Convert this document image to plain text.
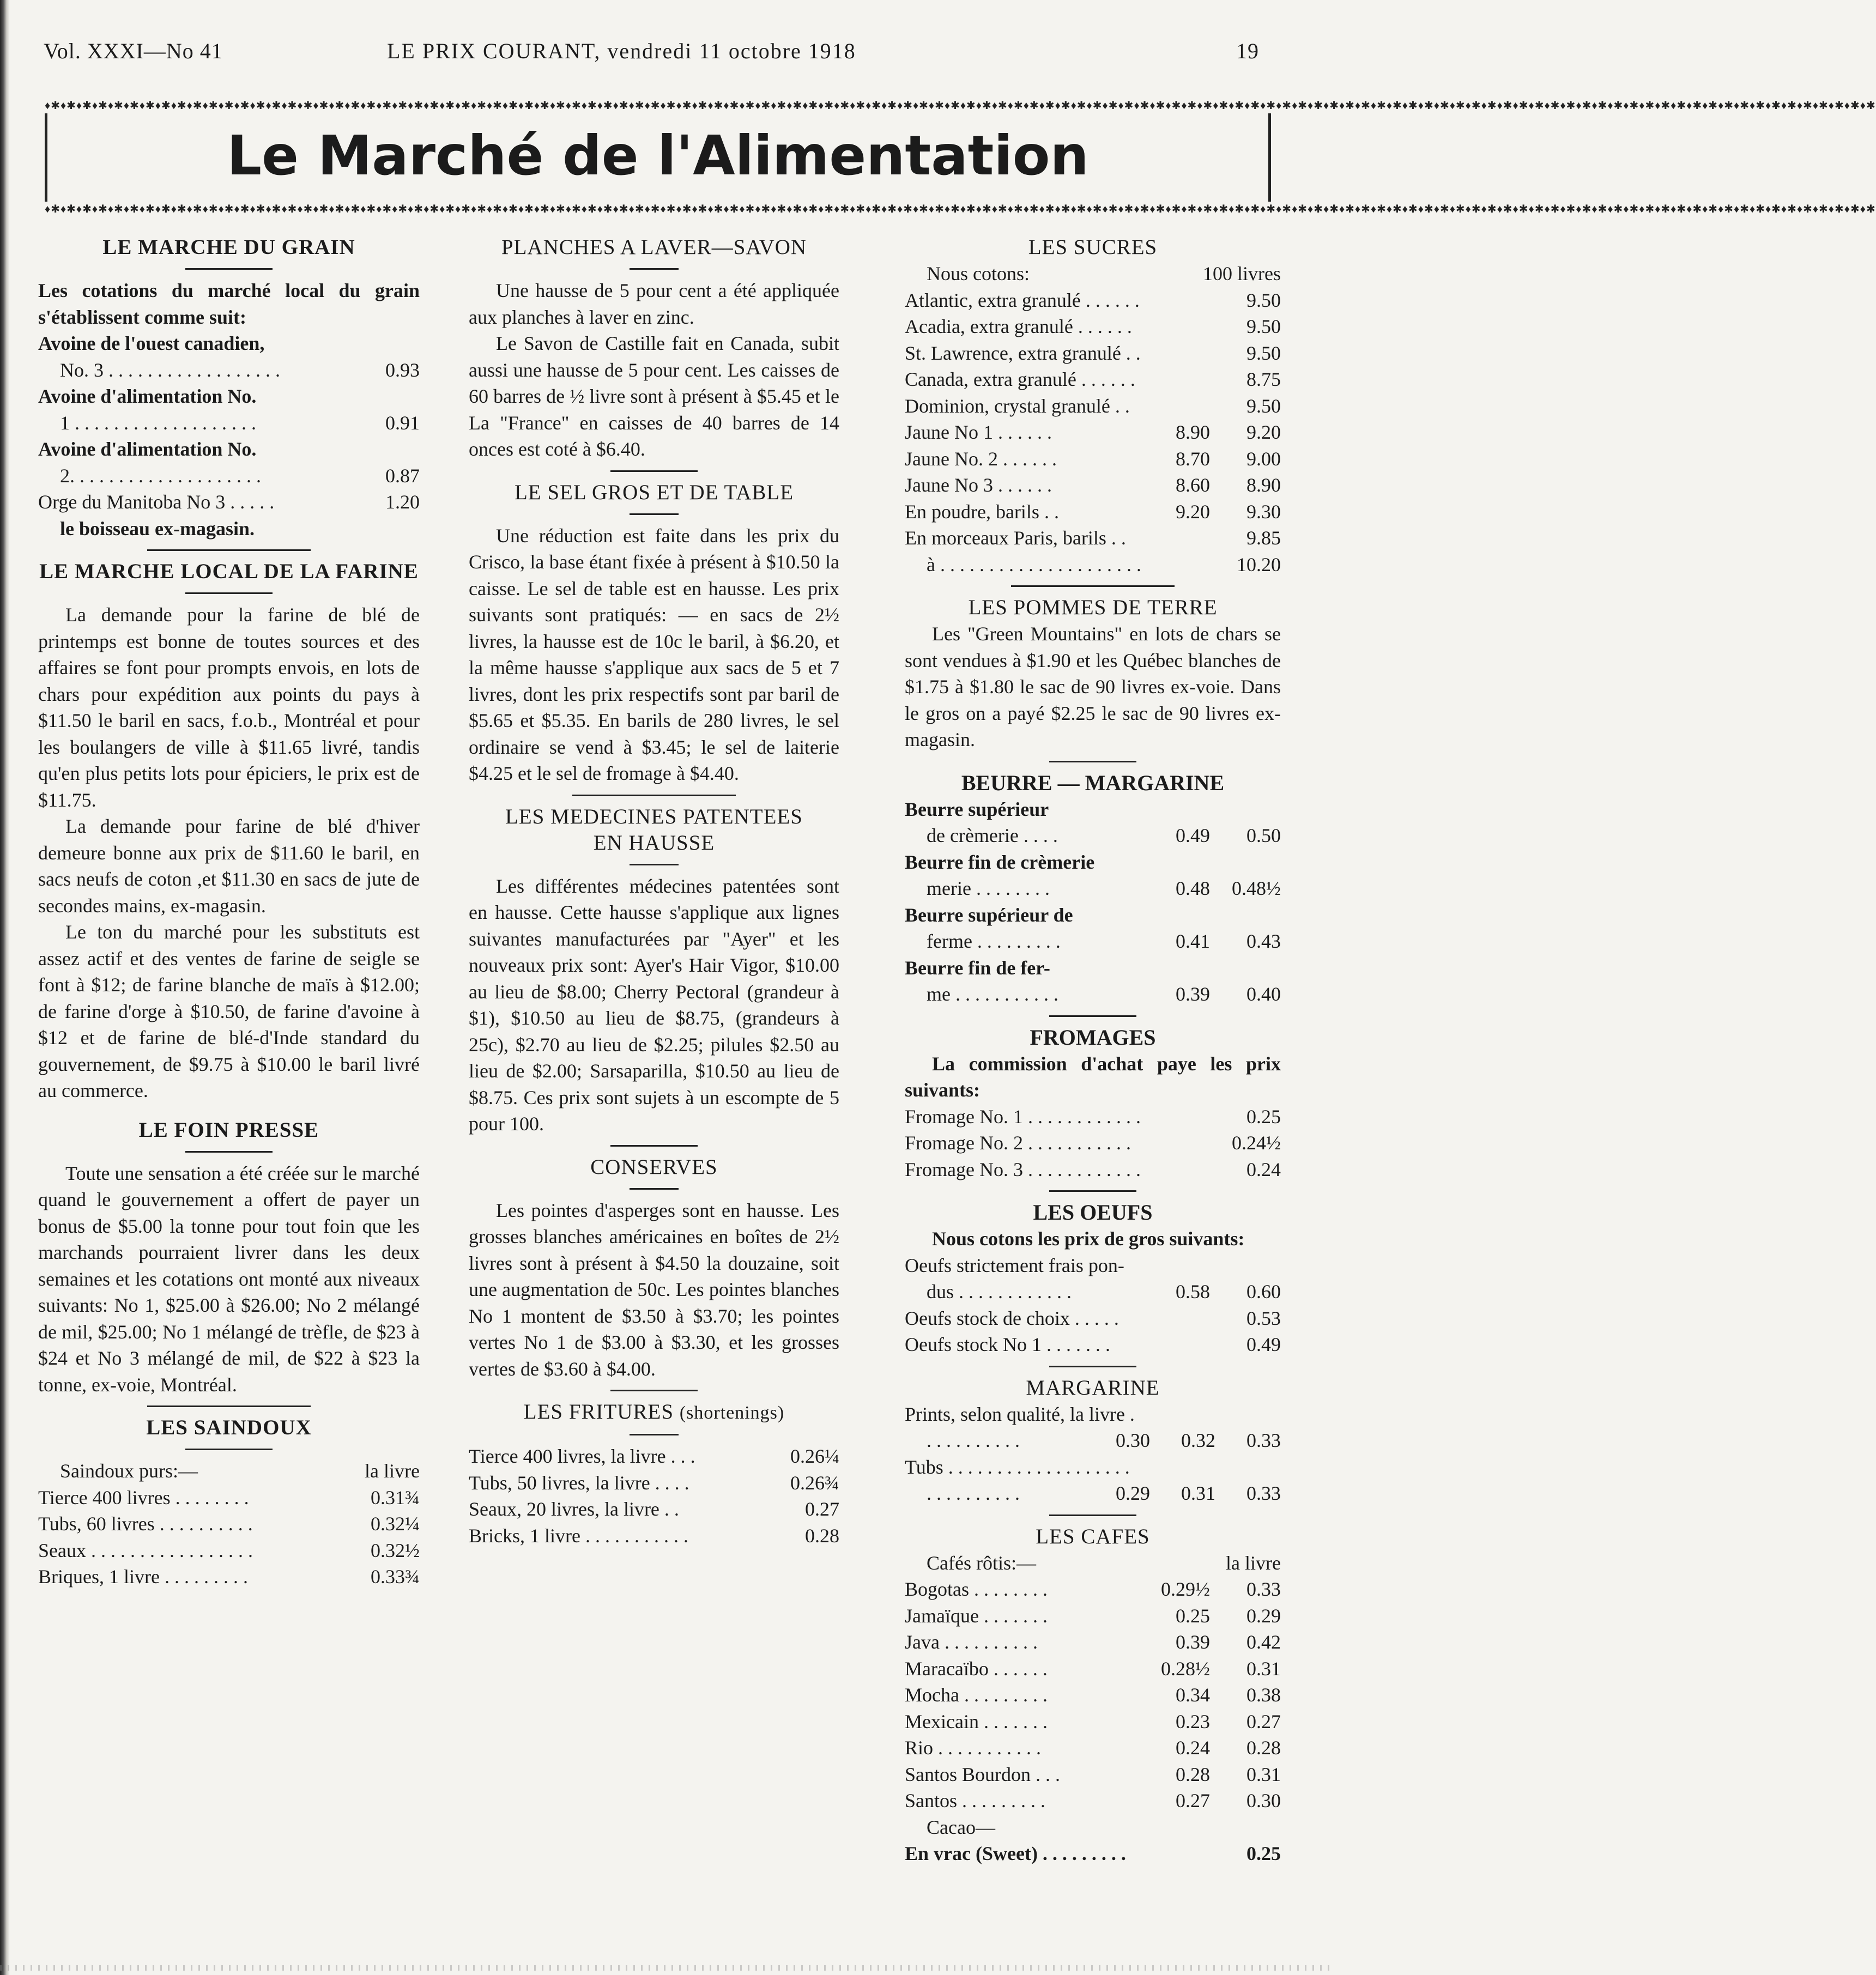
Vol. XXXI—No 41	LE PRIX COURANT, vendredi 11 octobre 1918	19
♦✱♦✱♦✱♦✱♦✱♦✱♦✱♦✱♦✱♦✱♦✱♦✱♦✱♦✱♦✱♦✱♦✱♦✱♦✱♦✱♦✱♦✱♦✱♦✱♦✱♦✱♦✱♦✱♦✱♦✱♦✱♦✱♦✱♦✱♦✱♦✱♦✱♦✱♦✱♦✱♦✱♦✱♦✱♦✱♦✱♦✱♦✱♦✱♦✱♦✱♦✱♦✱♦✱♦✱♦✱♦✱♦✱♦✱♦✱♦✱♦✱♦✱♦✱♦✱♦✱♦✱♦✱♦✱♦✱♦✱♦✱♦✱♦✱♦✱♦✱♦✱♦✱♦✱♦✱♦✱♦✱♦✱♦✱♦✱♦✱♦✱♦✱♦✱♦✱♦✱♦✱♦✱♦✱♦✱♦✱♦✱♦✱♦✱♦✱♦✱♦✱♦✱♦✱♦✱♦✱♦✱♦✱♦✱♦✱♦✱♦✱♦✱♦✱♦✱♦✱♦✱
Le Marché de l'Alimentation
♦✱♦✱♦✱♦✱♦✱♦✱♦✱♦✱♦✱♦✱♦✱♦✱♦✱♦✱♦✱♦✱♦✱♦✱♦✱♦✱♦✱♦✱♦✱♦✱♦✱♦✱♦✱♦✱♦✱♦✱♦✱♦✱♦✱♦✱♦✱♦✱♦✱♦✱♦✱♦✱♦✱♦✱♦✱♦✱♦✱♦✱♦✱♦✱♦✱♦✱♦✱♦✱♦✱♦✱♦✱♦✱♦✱♦✱♦✱♦✱♦✱♦✱♦✱♦✱♦✱♦✱♦✱♦✱♦✱♦✱♦✱♦✱♦✱♦✱♦✱♦✱♦✱♦✱♦✱♦✱♦✱♦✱♦✱♦✱♦✱♦✱♦✱♦✱♦✱♦✱♦✱♦✱♦✱♦✱♦✱♦✱♦✱♦✱♦✱♦✱♦✱♦✱♦✱♦✱♦✱♦✱♦✱♦✱♦✱♦✱♦✱♦✱♦✱♦✱♦✱♦✱
LE MARCHE DU GRAIN

Les cotations du marché local du grain s'établissent comme suit:

Avoine de l'ouest canadien,

No. 3 . . . . . . . . . . . . . . . . . .	0.93

Avoine d'alimentation No.

1 . . . . . . . . . . . . . . . . . . .	0.91

Avoine d'alimentation No.

2. . . . . . . . . . . . . . . . . . . .	0.87
Orge du Manitoba No 3 . . . . .	1.20

le boisseau ex-magasin.

LE MARCHE LOCAL DE LA FARINE

La demande pour la farine de blé de printemps est bonne de toutes sources et des affaires se font pour prompts envois, en lots de chars pour expédition aux points du pays à $11.50 le baril en sacs, f.o.b., Montréal et pour les boulangers de ville à $11.65 livré, tandis qu'en plus petits lots pour épiciers, le prix est de $11.75.

La demande pour farine de blé d'hiver demeure bonne aux prix de $11.60 le baril, en sacs neufs de coton ,et $11.30 en sacs de jute de secondes mains, ex-magasin.

Le ton du marché pour les substituts est assez actif et des ventes de farine de seigle se font à $12; de farine blanche de maïs à $12.00; de farine d'orge à $10.50, de farine d'avoine à $12 et de farine de blé-d'Inde standard du gouvernement, de $9.75 à $10.00 le baril livré au commerce.

LE FOIN PRESSE

Toute une sensation a été créée sur le marché quand le gouvernement a offert de payer un bonus de $5.00 la tonne pour tout foin que les marchands pourraient livrer dans les deux semaines et les cotations ont monté aux niveaux suivants: No 1, $25.00 à $26.00; No 2 mélangé de mil, $25.00; No 1 mélangé de trèfle, de $23 à $24 et No 3 mélangé de mil, de $22 à $23 la tonne, ex-voie, Montréal.

LES SAINDOUX
Saindoux purs:—	la livre
Tierce 400 livres . . . . . . . .	0.31¾
Tubs, 60 livres . . . . . . . . . .	0.32¼
Seaux . . . . . . . . . . . . . . . . .	0.32½
Briques, 1 livre . . . . . . . . .	0.33¾
PLANCHES A LAVER—SAVON

Une hausse de 5 pour cent a été appliquée aux planches à laver en zinc.

Le Savon de Castille fait en Canada, subit aussi une hausse de 5 pour cent. Les caisses de 60 barres de ½ livre sont à présent à $5.45 et le La "France" en caisses de 40 barres de 14 onces est coté à $6.40.

LE SEL GROS ET DE TABLE

Une réduction est faite dans les prix du Crisco, la base étant fixée à présent à $10.50 la caisse. Le sel de table est en hausse. Les prix suivants sont pratiqués: — en sacs de 2½ livres, la hausse est de 10c le baril, à $6.20, et la même hausse s'applique aux sacs de 5 et 7 livres, dont les prix respectifs sont par baril de $5.65 et $5.35. En barils de 280 livres, le sel ordinaire se vend à $3.45; le sel de laiterie $4.25 et le sel de fromage à $4.40.

LES MEDECINES PATENTEES
EN HAUSSE

Les différentes médecines patentées sont en hausse. Cette hausse s'applique aux lignes suivantes manufacturées par "Ayer" et les nouveaux prix sont: Ayer's Hair Vigor, $10.00 au lieu de $8.00; Cherry Pectoral (grandeur à $1), $10.50 au lieu de $8.75, (grandeurs à 25c), $2.70 au lieu de $2.25; pilules $2.50 au lieu de $2.00; Sarsaparilla, $10.50 au lieu de $8.75. Ces prix sont sujets à un escompte de 5 pour 100.

CONSERVES

Les pointes d'asperges sont en hausse. Les grosses blanches américaines en boîtes de 2½ livres sont à présent à $4.50 la douzaine, soit une augmentation de 50c. Les pointes blanches No 1 montent de $3.50 à $3.70; les pointes vertes No 1 de $3.00 à $3.30, et les grosses vertes de $3.60 à $4.00.

LES FRITURES (shortenings)
Tierce 400 livres, la livre . . .	0.26¼
Tubs, 50 livres, la livre . . . .	0.26¾
Seaux, 20 livres, la livre . .	0.27
Bricks, 1 livre . . . . . . . . . . .	0.28
LES SUCRES
Nous cotons:	100 livres
Atlantic, extra granulé . . . . . .	9.50
Acadia, extra granulé . . . . . .	9.50
St. Lawrence, extra granulé . .	9.50
Canada, extra granulé . . . . . .	8.75
Dominion, crystal granulé . .	9.50
Jaune No 1 . . . . . .	8.90	9.20
Jaune No. 2 . . . . . .	8.70	9.00
Jaune No 3 . . . . . .	8.60	8.90
En poudre, barils . .	9.20	9.30
En morceaux Paris, barils . .	9.85
à . . . . . . . . . . . . . . . . . . . . .	10.20
LES POMMES DE TERRE

Les "Green Mountains" en lots de chars se sont vendues à $1.90 et les Québec blanches de $1.75 à $1.80 le sac de 90 livres ex-voie. Dans le gros on a payé $2.25 le sac de 90 livres ex-magasin.

BEURRE — MARGARINE

Beurre supérieur

de crèmerie . . . .	0.49	0.50

Beurre fin de crèmerie

merie . . . . . . . .	0.48	0.48½

Beurre supérieur de

ferme . . . . . . . . .	0.41	0.43

Beurre fin de fer-

me . . . . . . . . . . .	0.39	0.40
FROMAGES

La commission d'achat paye les prix suivants:

Fromage No. 1 . . . . . . . . . . . .	0.25
Fromage No. 2 . . . . . . . . . . .	0.24½
Fromage No. 3 . . . . . . . . . . . .	0.24
LES OEUFS

Nous cotons les prix de gros suivants:

Oeufs strictement frais pon-

dus . . . . . . . . . . . .	0.58	0.60
Oeufs stock de choix . . . . .	0.53
Oeufs stock No 1 . . . . . . .	0.49
MARGARINE

Prints, selon qualité, la livre .

. . . . . . . . . .	0.30	0.32	0.33

Tubs . . . . . . . . . . . . . . . . . . .

. . . . . . . . . .	0.29	0.31	0.33
LES CAFES
Cafés rôtis:—	la livre
Bogotas . . . . . . . .	0.29½	0.33
Jamaïque . . . . . . .	0.25	0.29
Java . . . . . . . . . .	0.39	0.42
Maracaïbo . . . . . .	0.28½	0.31
Mocha . . . . . . . . .	0.34	0.38
Mexicain . . . . . . .	0.23	0.27
Rio . . . . . . . . . . .	0.24	0.28
Santos Bourdon . . .	0.28	0.31
Santos . . . . . . . . .	0.27	0.30

Cacao—

En vrac (Sweet) . . . . . . . . .	0.25
